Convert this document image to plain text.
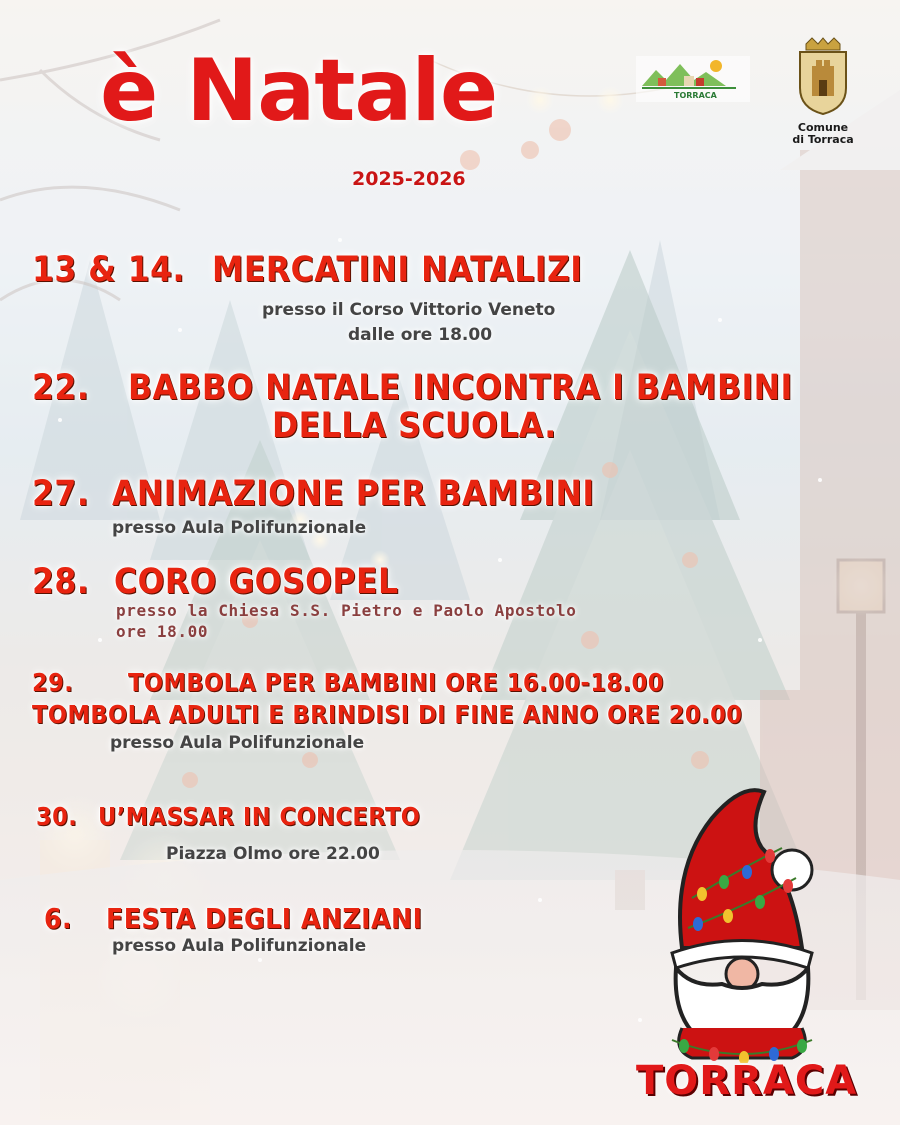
è Natale
2025-2026
TORRACA
Comune
di Torraca
13 & 14. MERCATINI NATALIZI
presso il Corso Vittorio Veneto
dalle ore 18.00
22. BABBO NATALE INCONTRA I BAMBINI
DELLA SCUOLA.
27. ANIMAZIONE PER BAMBINI
presso Aula Polifunzionale
28. CORO GOSOPEL
presso la Chiesa S.S. Pietro e Paolo Apostolo
ore 18.00
29. TOMBOLA PER BAMBINI ORE 16.00-18.00
TOMBOLA ADULTI E BRINDISI DI FINE ANNO ORE 20.00
presso Aula Polifunzionale
30. U’MASSAR IN CONCERTO
Piazza Olmo ore 22.00
6. FESTA DEGLI ANZIANI
presso Aula Polifunzionale
TORRACA
